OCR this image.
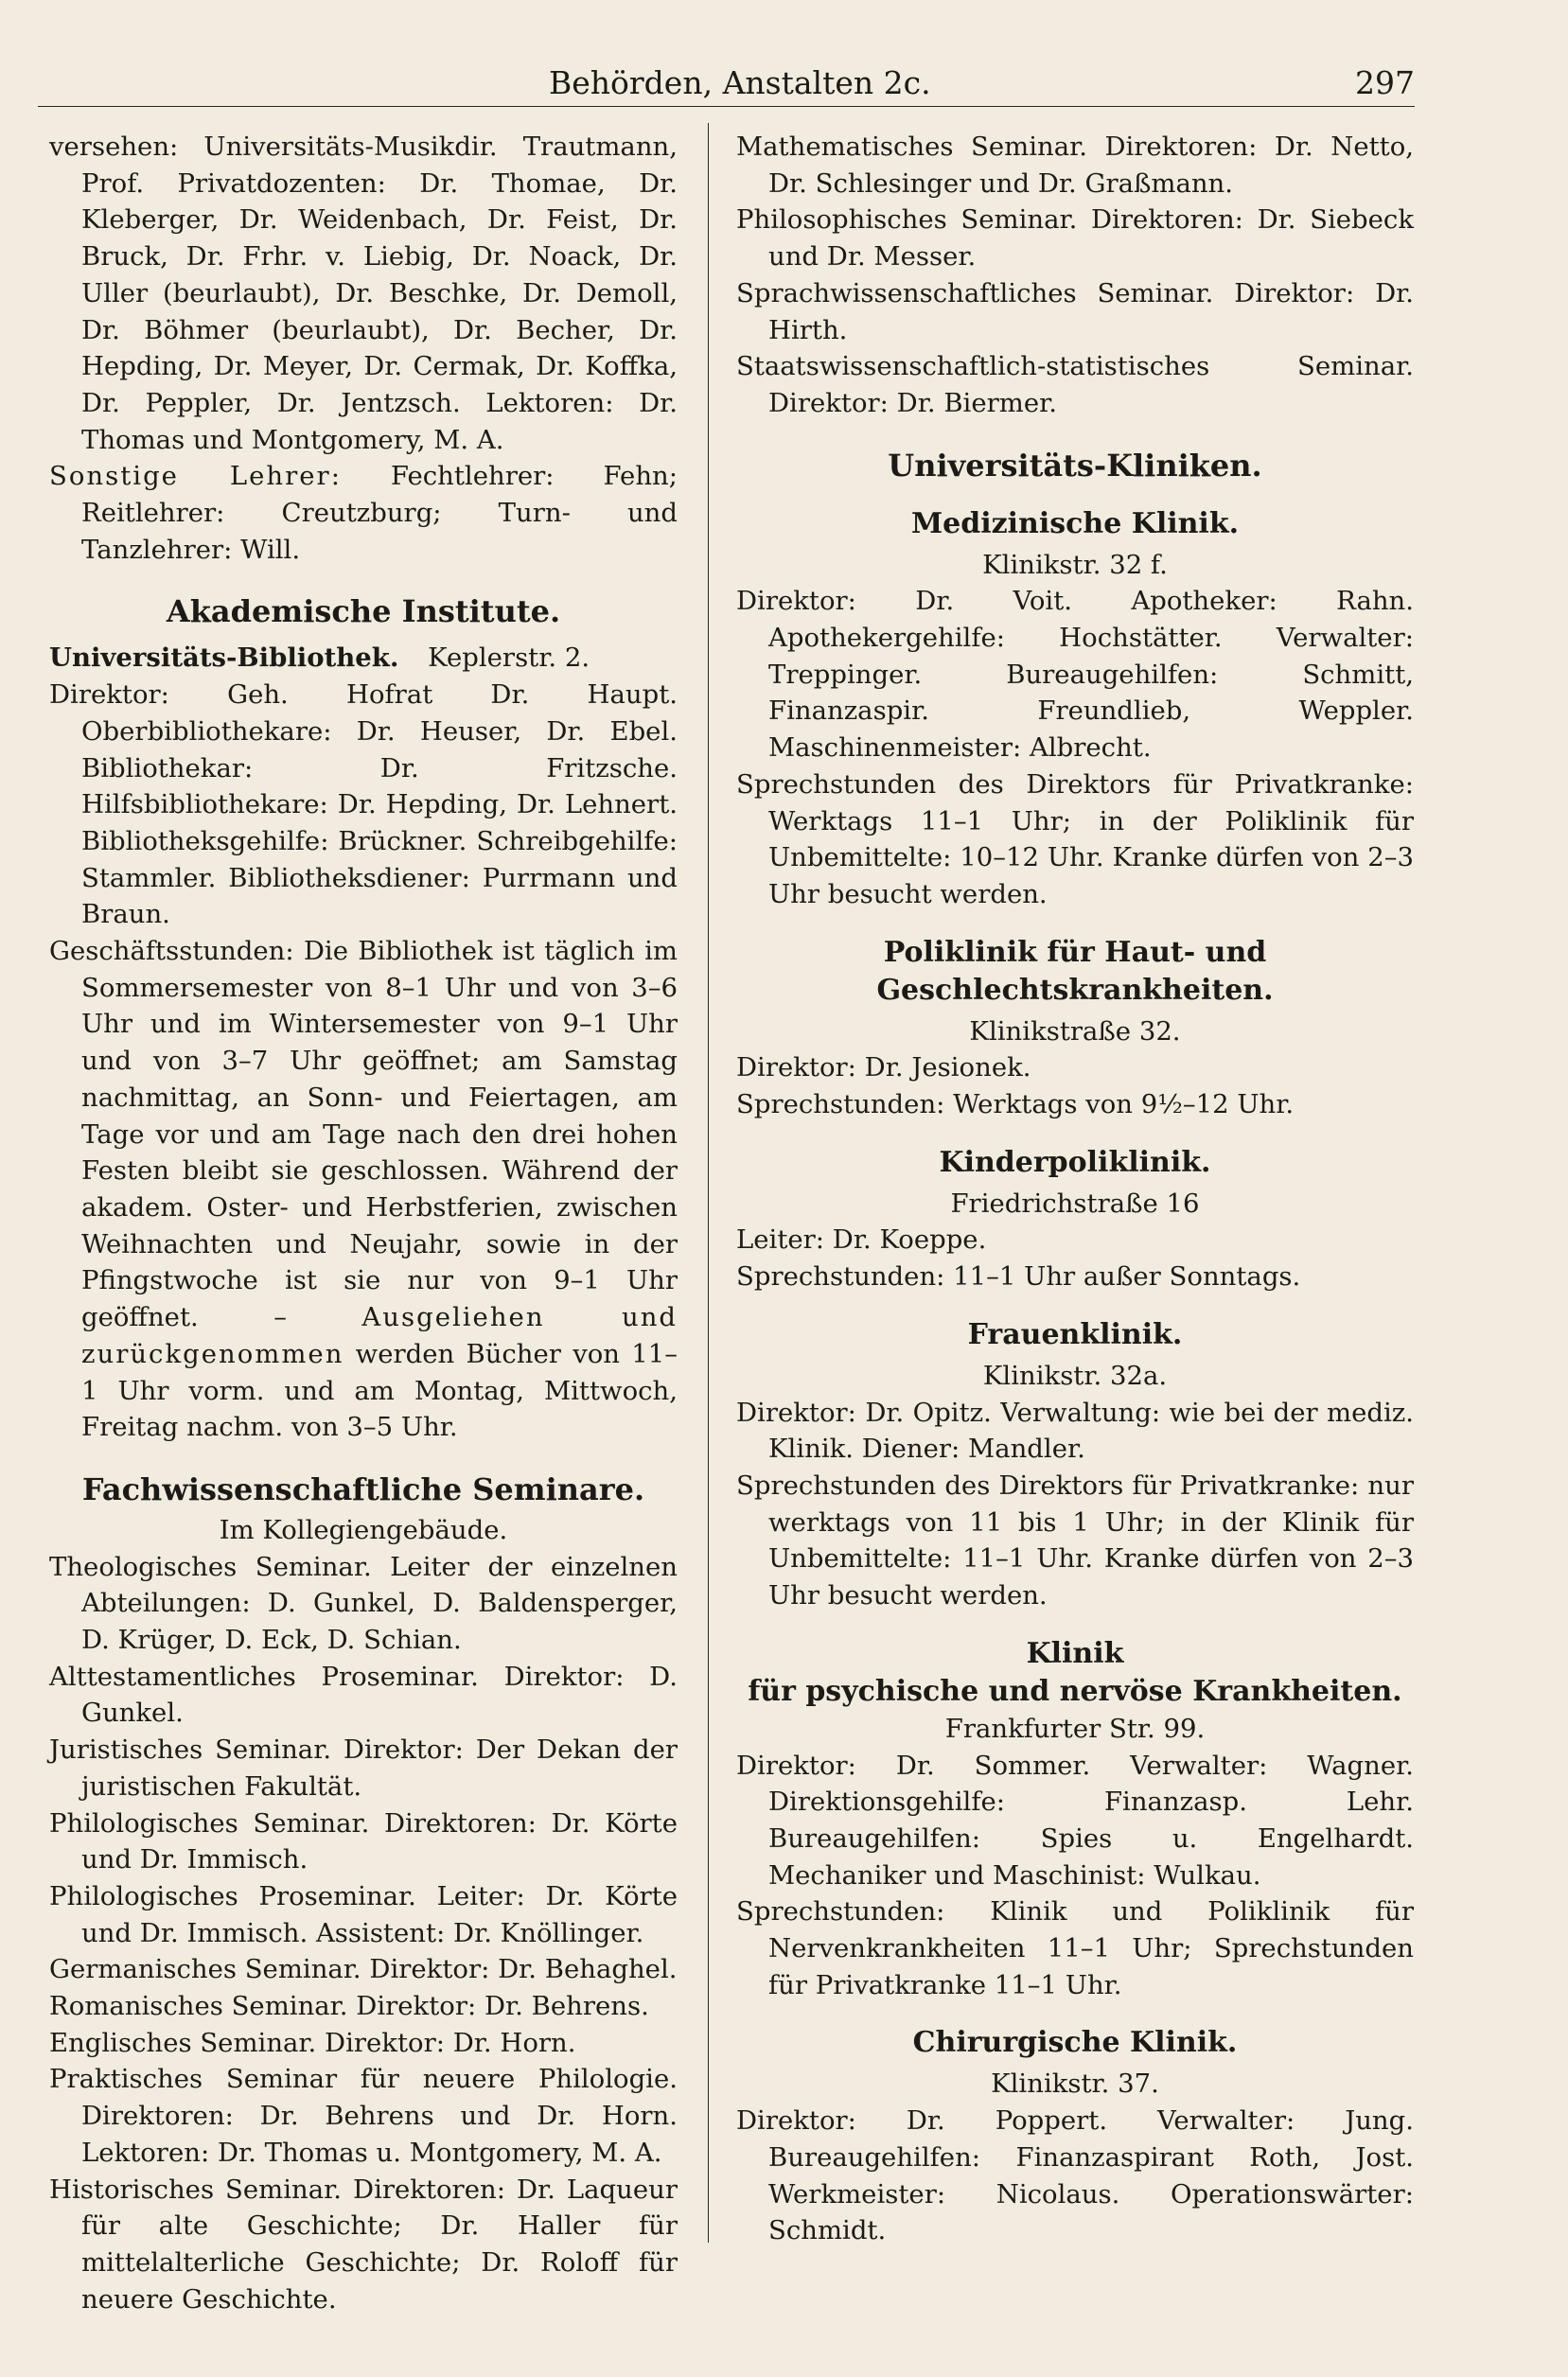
Behörden, Anstalten 2c.	297

versehen: Universitäts-Musikdir. Trautmann, Prof. Privatdozenten: Dr. Thomae, Dr. Kleberger, Dr. Weidenbach, Dr. Feist, Dr. Bruck, Dr. Frhr. v. Liebig, Dr. Noack, Dr. Uller (beurlaubt), Dr. Beschke, Dr. Demoll, Dr. Böhmer (beurlaubt), Dr. Becher, Dr. Hepding, Dr. Meyer, Dr. Cermak, Dr. Koffka, Dr. Peppler, Dr. Jentzsch. Lektoren: Dr. Thomas und Montgomery, M. A.

Sonstige Lehrer: Fechtlehrer: Fehn; Reitlehrer: Creutzburg; Turn- und Tanzlehrer: Will.

Akademische Institute.

Universitäts-Bibliothek. Keplerstr. 2.

Direktor: Geh. Hofrat Dr. Haupt. Oberbibliothekare: Dr. Heuser, Dr. Ebel. Bibliothekar: Dr. Fritzsche. Hilfsbibliothekare: Dr. Hepding, Dr. Lehnert. Bibliotheksgehilfe: Brückner. Schreibgehilfe: Stammler. Bibliotheksdiener: Purrmann und Braun.

Geschäftsstunden: Die Bibliothek ist täglich im Sommersemester von 8–1 Uhr und von 3–6 Uhr und im Wintersemester von 9–1 Uhr und von 3–7 Uhr geöffnet; am Samstag nachmittag, an Sonn- und Feiertagen, am Tage vor und am Tage nach den drei hohen Festen bleibt sie geschlossen. Während der akadem. Oster- und Herbstferien, zwischen Weihnachten und Neujahr, sowie in der Pfingstwoche ist sie nur von 9–1 Uhr geöffnet. – Ausgeliehen und zurückgenommen werden Bücher von 11–1 Uhr vorm. und am Montag, Mittwoch, Freitag nachm. von 3–5 Uhr.

Fachwissenschaftliche Seminare.

Im Kollegiengebäude.

Theologisches Seminar. Leiter der einzelnen Abteilungen: D. Gunkel, D. Baldensperger, D. Krüger, D. Eck, D. Schian.

Alttestamentliches Proseminar. Direktor: D. Gunkel.

Juristisches Seminar. Direktor: Der Dekan der juristischen Fakultät.

Philologisches Seminar. Direktoren: Dr. Körte und Dr. Immisch.

Philologisches Proseminar. Leiter: Dr. Körte und Dr. Immisch. Assistent: Dr. Knöllinger.

Germanisches Seminar. Direktor: Dr. Behaghel.

Romanisches Seminar. Direktor: Dr. Behrens.

Englisches Seminar. Direktor: Dr. Horn.

Praktisches Seminar für neuere Philologie. Direktoren: Dr. Behrens und Dr. Horn. Lektoren: Dr. Thomas u. Montgomery, M. A.

Historisches Seminar. Direktoren: Dr. Laqueur für alte Geschichte; Dr. Haller für mittelalterliche Geschichte; Dr. Roloff für neuere Geschichte.

Mathematisches Seminar. Direktoren: Dr. Netto, Dr. Schlesinger und Dr. Graßmann.

Philosophisches Seminar. Direktoren: Dr. Siebeck und Dr. Messer.

Sprachwissenschaftliches Seminar. Direktor: Dr. Hirth.

Staatswissenschaftlich-statistisches Seminar. Direktor: Dr. Biermer.

Universitäts-Kliniken.
Medizinische Klinik.

Klinikstr. 32 f.

Direktor: Dr. Voit. Apotheker: Rahn. Apothekergehilfe: Hochstätter. Verwalter: Treppinger. Bureaugehilfen: Schmitt, Finanzaspir. Freundlieb, Weppler. Maschinenmeister: Albrecht.

Sprechstunden des Direktors für Privatkranke: Werktags 11–1 Uhr; in der Poliklinik für Unbemittelte: 10–12 Uhr. Kranke dürfen von 2–3 Uhr besucht werden.

Poliklinik für Haut- und Geschlechtskrankheiten.

Klinikstraße 32.

Direktor: Dr. Jesionek.

Sprechstunden: Werktags von 9½–12 Uhr.

Kinderpoliklinik.

Friedrichstraße 16

Leiter: Dr. Koeppe.

Sprechstunden: 11–1 Uhr außer Sonntags.

Frauenklinik.

Klinikstr. 32a.

Direktor: Dr. Opitz. Verwaltung: wie bei der mediz. Klinik. Diener: Mandler.

Sprechstunden des Direktors für Privatkranke: nur werktags von 11 bis 1 Uhr; in der Klinik für Unbemittelte: 11–1 Uhr. Kranke dürfen von 2–3 Uhr besucht werden.

Klinik
für psychische und nervöse Krankheiten.

Frankfurter Str. 99.

Direktor: Dr. Sommer. Verwalter: Wagner. Direktionsgehilfe: Finanzasp. Lehr. Bureaugehilfen: Spies u. Engelhardt. Mechaniker und Maschinist: Wulkau.

Sprechstunden: Klinik und Poliklinik für Nervenkrankheiten 11–1 Uhr; Sprechstunden für Privatkranke 11–1 Uhr.

Chirurgische Klinik.

Klinikstr. 37.

Direktor: Dr. Poppert. Verwalter: Jung. Bureaugehilfen: Finanzaspirant Roth, Jost. Werkmeister: Nicolaus. Operationswärter: Schmidt.
